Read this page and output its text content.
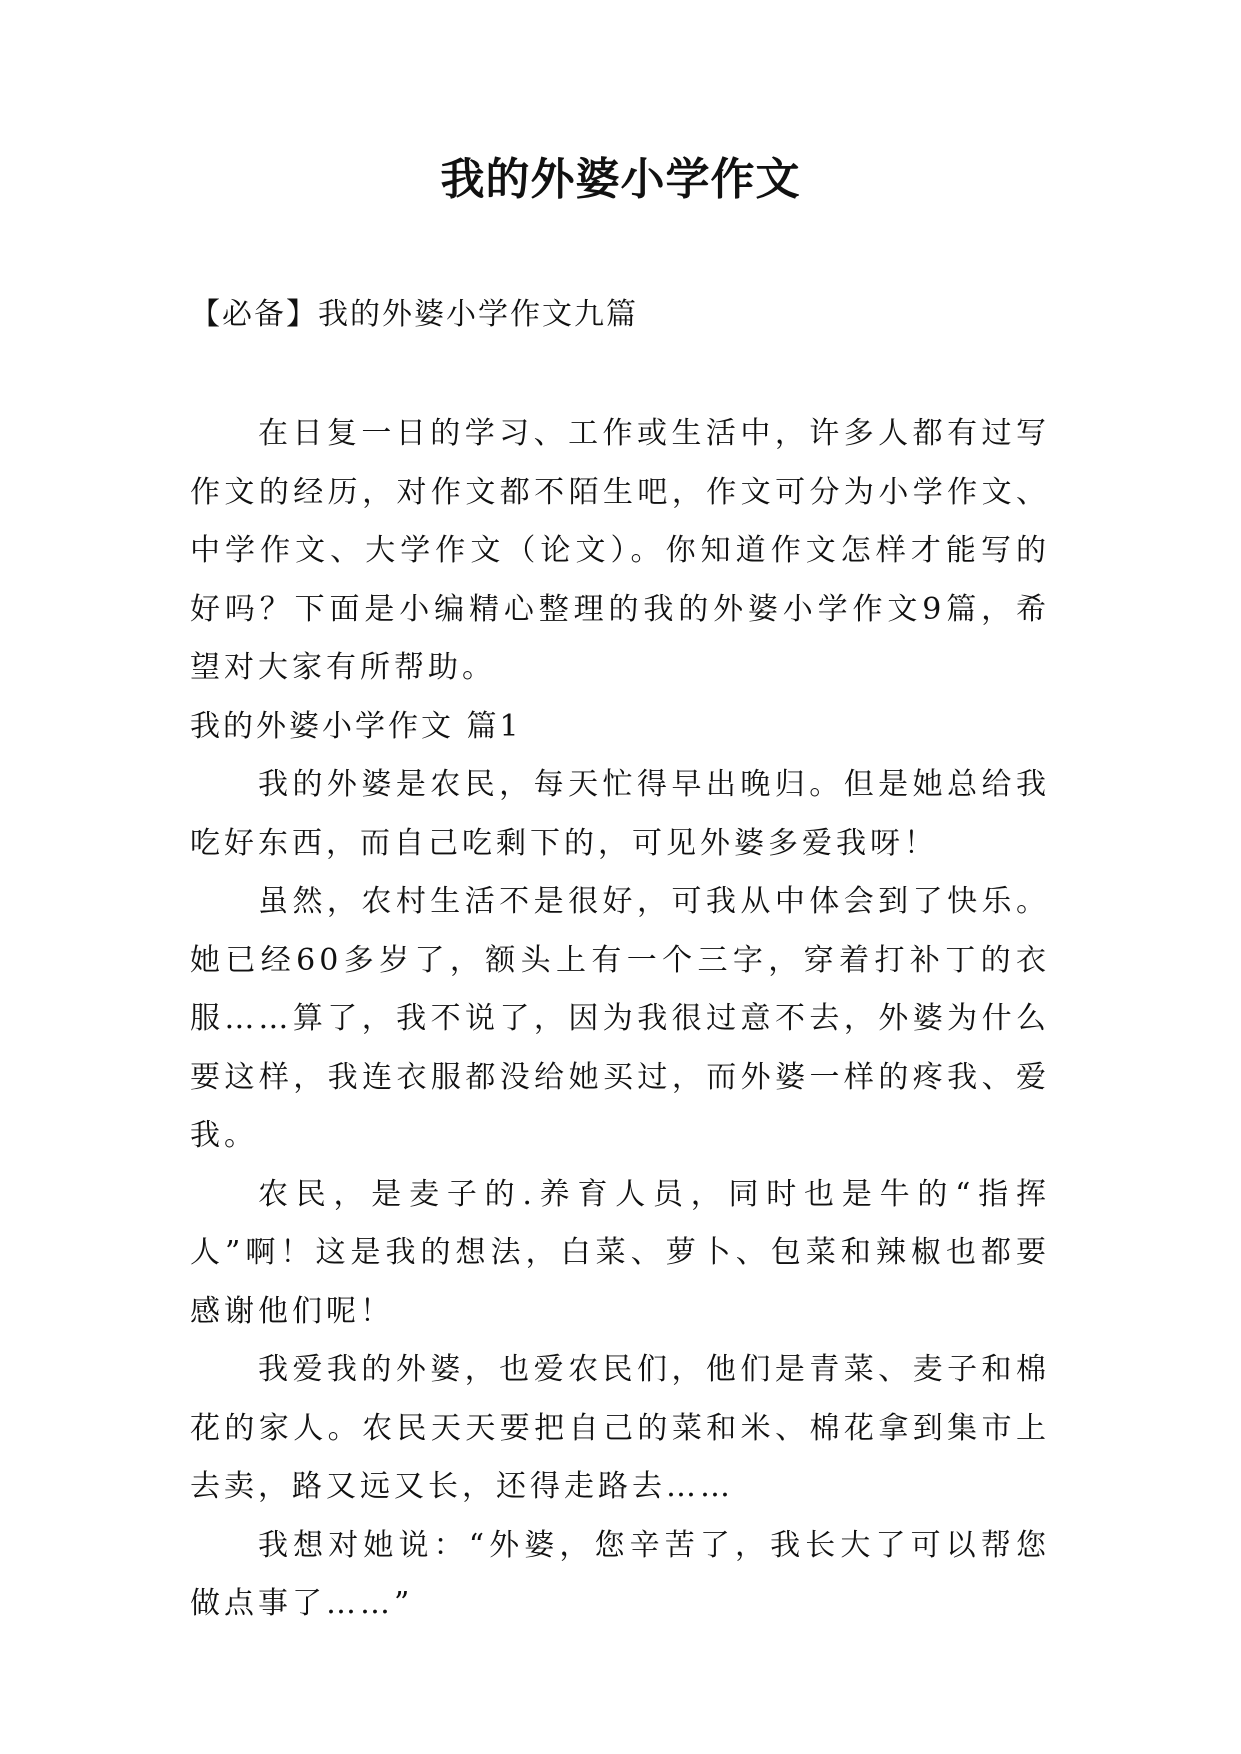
我的外婆小学作文

【必备】我的外婆小学作文九篇

在日复一日的学习、工作或生活中，许多人都有过写作文的经历，对作文都不陌生吧，作文可分为小学作文、中学作文、大学作文（论文）。你知道作文怎样才能写的好吗？下面是小编精心整理的我的外婆小学作文9篇，希望对大家有所帮助。

我的外婆小学作文 篇1

我的外婆是农民，每天忙得早出晚归。但是她总给我吃好东西，而自己吃剩下的，可见外婆多爱我呀！

虽然，农村生活不是很好，可我从中体会到了快乐。她已经60多岁了，额头上有一个三字，穿着打补丁的衣服……算了，我不说了，因为我很过意不去，外婆为什么要这样，我连衣服都没给她买过，而外婆一样的疼我、爱我。

农民，是麦子的.养育人员，同时也是牛的“指挥人”啊！这是我的想法，白菜、萝卜、包菜和辣椒也都要感谢他们呢！

我爱我的外婆，也爱农民们，他们是青菜、麦子和棉花的家人。农民天天要把自己的菜和米、棉花拿到集市上去卖，路又远又长，还得走路去……

我想对她说：“外婆，您辛苦了，我长大了可以帮您做点事了……”
